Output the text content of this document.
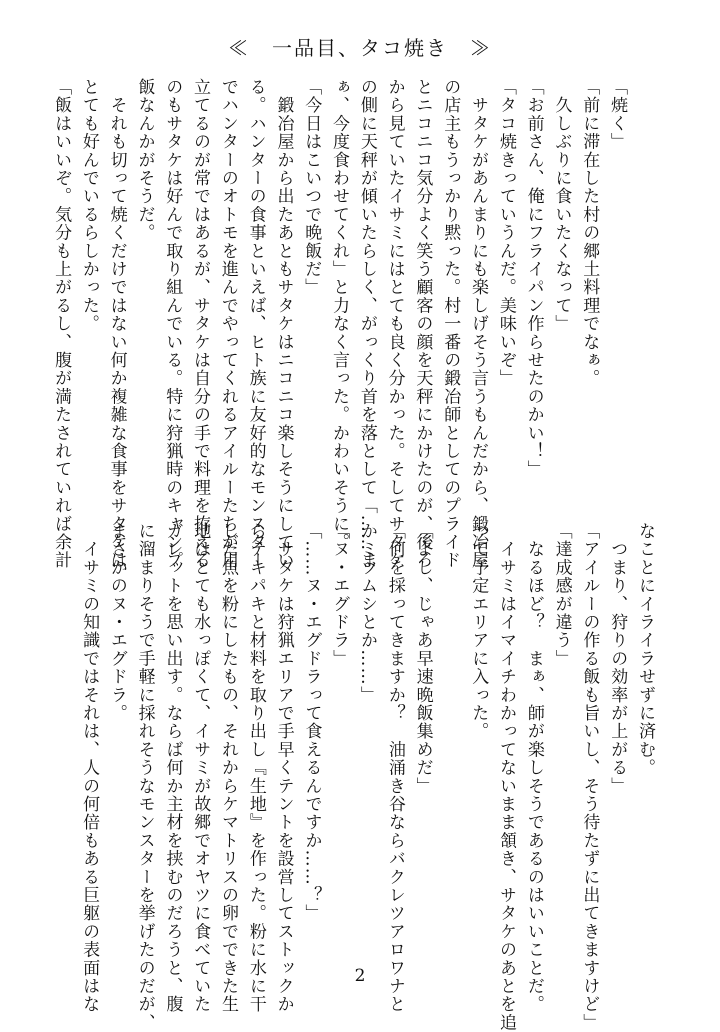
≪　一品目、タコ焼き　≫
「焼く」
「前に滞在した村の郷土料理でなぁ。
　久しぶりに食いたくなって」
「お前さん、俺にフライパン作らせたのかい！」
「タコ焼きっていうんだ。美味いぞ」
　サタケがあんまりにも楽しげそう言うもんだから、鍛冶屋
の店主もうっかり黙った。村一番の鍛冶師としてのプライド
とニコニコ気分よく笑う顧客の顔を天秤にかけたのが、後ろ
から見ていたイサミにはとても良く分かった。そしてサタケ
の側に天秤が傾いたらしく、がっくり首を落として「……ま
ぁ、今度食わせてくれ」と力なく言った。かわいそうに。
「今日はこいつで晩飯だ」
　鍛冶屋から出たあともサタケはニコニコ楽しそうにしてい
る。ハンターの食事といえば、ヒト族に友好的なモンスター
でハンターのオトモを進んでやってくれるアイルーたちが用
立てるのが常ではあるが、サタケは自分の手で料理を拵える
のもサタケは好んで取り組んでいる。特に狩猟時のキャンプ
飯なんかがそうだ。
　それも切って焼くだけではない何か複雑な食事をサタケは
とても好んでいるらしかった。
「飯はいいぞ。気分も上がるし、腹が満たされていれば余計
なことにイライラせずに済む。
　つまり、狩りの効率が上がる」
「アイルーの作る飯も旨いし、そう待たずに出てきますけど」
「達成感が違う」
　なるほど？　まぁ、師が楽しそうであるのはいいことだ。
　イサミはイマイチわかってないまま頷き、サタケのあとを追
って予定エリアに入った。

「よし、じゃあ早速晩飯集めだ」
「何を採ってきますか？　油涌き谷ならバクレツアロワナと
かミツムシとか……」
「ヌ・エグドラ」
「……ヌ・エグドラって食えるんですか……？」
　サタケは狩猟エリアで手早くテントを設営してストックか
らテキパキと材料を取り出し『生地』を作った。粉に水に干
した魚を粉にしたもの、それからケマトリスの卵でできた生
地はとても水っぽくて、イサミが故郷でオヤツに食べていた
ガレットを思い出す。ならば何か主材を挟むのだろうと、腹
に溜まりそうで手軽に採れそうなモンスターを挙げたのだが、
まさかのヌ・エグドラ。
　イサミの知識ではそれは、人の何倍もある巨躯の表面はな	2
